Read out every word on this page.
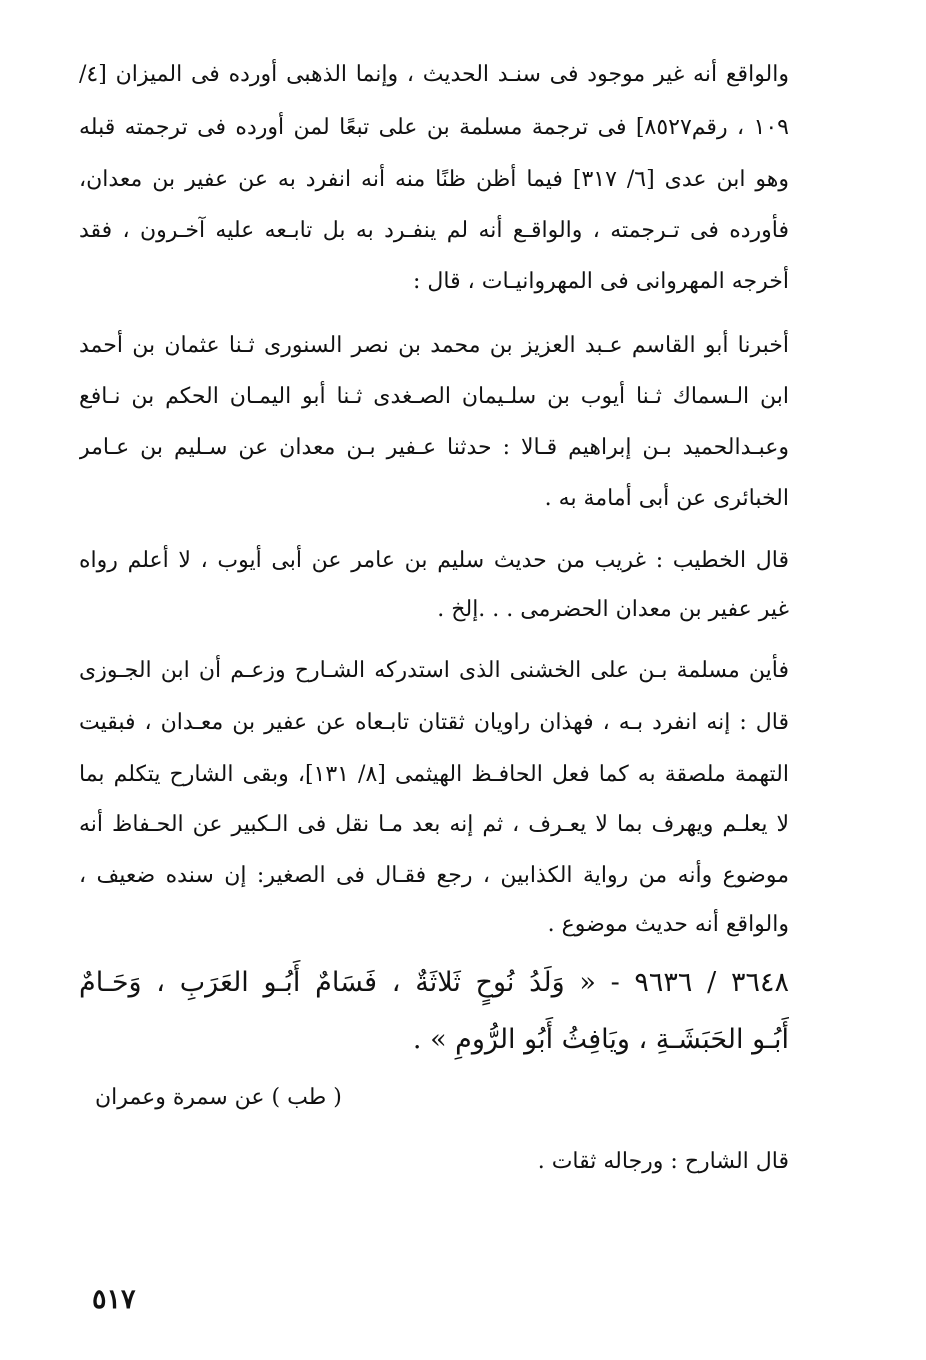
والواقع أنه غير موجود فى سنـد الحديث ، وإنما الذهبى أورده فى الميزان [٤/
١٠٩ ، رقم٨٥٢٧] فى ترجمة مسلمة بن على تبعًا لمن أورده فى ترجمته قبله
وهو ابن عدى [٦/ ٣١٧] فيما أظن ظنًا منه أنه انفرد به عن عفير بن معدان،
فأورده فى تـرجمته ، والواقـع أنه لم ينفـرد به بل تابـعه عليه آخـرون ، فقد
أخرجه المهروانى فى المهروانيـات ، قال :
أخبرنا أبو القاسم عـبد العزيز بن محمد بن نصر السنورى ثـنا عثمان بن أحمد
ابن الـسماك ثـنا أيوب بن سلـيمان الصـغدى ثـنا أبو اليمـان الحكم بن نـافع
وعبـدالحميد بـن إبراهيم قـالا : حدثنا عـفير بـن معدان عن سـليم بن عـامر
الخبائرى عن أبى أمامة به .
قال الخطيب : غريب من حديث سليم بن عامر عن أبى أيوب ، لا أعلم رواه
غير عفير بن معدان الحضرمى . . .إلخ .
فأين مسلمة بـن على الخشنى الذى استدركه الشـارح وزعـم أن ابن الجـوزى
قال : إنه انفرد بـه ، فهذان راويان ثقتان تابـعاه عن عفير بن معـدان ، فبقيت
التهمة ملصقة به كما فعل الحافـظ الهيثمى [٨/ ١٣١]، وبقى الشارح يتكلم بما
لا يعلـم ويهرف بما لا يعـرف ، ثم إنه بعد مـا نقل فى الـكبير عن الحـفاظ أنه
موضوع وأنه من رواية الكذابين ، رجع فقـال فى الصغير: إن سنده ضعيف ،
والواقع أنه حديث موضوع .
٣٦٤٨ / ٩٦٣٦ - « وَلَدُ نُوحٍ ثَلاثَةٌ ، فَسَامٌ أَبُـو العَرَبِ ، وَحَـامٌ
أَبُـو الحَبَشَـةِ ، ويَافِثُ أَبُو الرُّومِ » .
( طب ) عن سمرة وعمران
قال الشارح : ورجاله ثقات .
٥١٧
